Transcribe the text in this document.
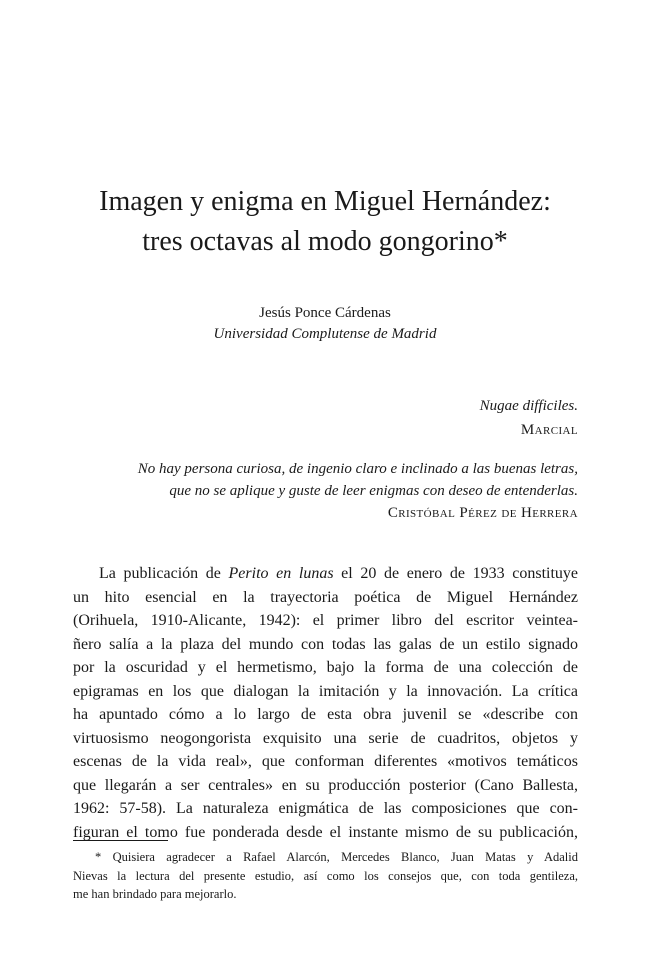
Imagen y enigma en Miguel Hernández:
tres octavas al modo gongorino*
Jesús Ponce Cárdenas
Universidad Complutense de Madrid
Nugae difficiles.
Marcial
No hay persona curiosa, de ingenio claro e inclinado a las buenas letras,
que no se aplique y guste de leer enigmas con deseo de entenderlas.
Cristóbal Pérez de Herrera
La publicación de Perito en lunas el 20 de enero de 1933 constituye
un hito esencial en la trayectoria poética de Miguel Hernández
(Orihuela, 1910-Alicante, 1942): el primer libro del escritor veintea-
ñero salía a la plaza del mundo con todas las galas de un estilo signado
por la oscuridad y el hermetismo, bajo la forma de una colección de
epigramas en los que dialogan la imitación y la innovación. La crítica
ha apuntado cómo a lo largo de esta obra juvenil se «describe con
virtuosismo neogongorista exquisito una serie de cuadritos, objetos y
escenas de la vida real», que conforman diferentes «motivos temáticos
que llegarán a ser centrales» en su producción posterior (Cano Ballesta,
1962: 57-58). La naturaleza enigmática de las composiciones que con-
figuran el tomo fue ponderada desde el instante mismo de su publicación,
* Quisiera agradecer a Rafael Alarcón, Mercedes Blanco, Juan Matas y Adalid
Nievas la lectura del presente estudio, así como los consejos que, con toda gentileza,
me han brindado para mejorarlo.
